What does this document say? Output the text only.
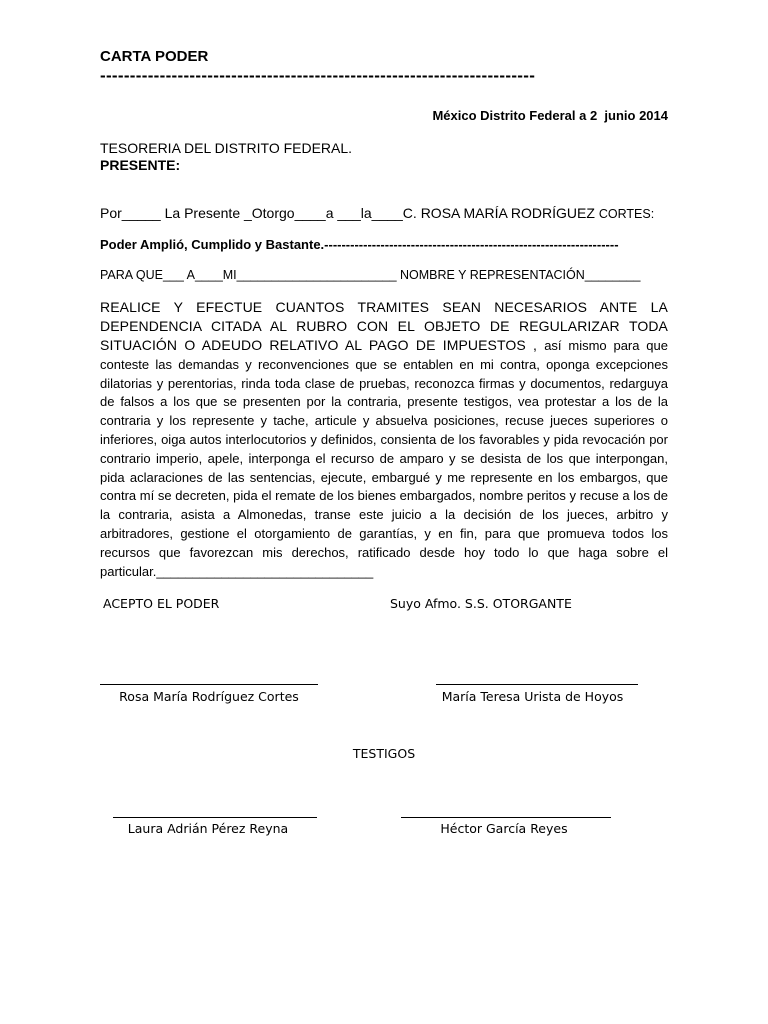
CARTA PODER
-------------------------------------------------------------------------
México Distrito Federal a 2  junio 2014
TESORERIA DEL DISTRITO FEDERAL.
PRESENTE:
Por_____ La Presente _Otorgo____a ___la____C. ROSA MARÍA RODRÍGUEZ CORTES:
Poder Amplió, Cumplido y Bastante.--------------------------------------------------------------------
PARA QUE___ A____MI_______________________ NOMBRE Y REPRESENTACIÓN________
REALICE Y EFECTUE CUANTOS TRAMITES SEAN NECESARIOS ANTE LA DEPENDENCIA CITADA AL RUBRO CON EL OBJETO DE REGULARIZAR TODA SITUACIÓN O ADEUDO RELATIVO AL PAGO DE IMPUESTOS , así mismo para que conteste las demandas y reconvenciones que se entablen en mi contra, oponga excepciones dilatorias y perentorias, rinda toda clase de pruebas, reconozca firmas y documentos, redarguya de falsos a los que se presenten por la contraria, presente testigos, vea protestar a los de la contraria y los represente y tache, articule y absuelva posiciones, recuse jueces superiores o inferiores, oiga autos interlocutorios y definidos, consienta de los favorables y pida revocación por contrario imperio, apele, interponga el recurso de amparo y se desista de los que interpongan, pida aclaraciones de las sentencias, ejecute, embargué y me represente en los embargos, que contra mí se decreten, pida el remate de los bienes embargados, nombre peritos y recuse a los de la contraria, asista a Almonedas, transe este juicio a la decisión de los jueces, arbitro y arbitradores, gestione el otorgamiento de garantías, y en fin, para que promueva todos los recursos que favorezcan mis derechos, ratificado desde hoy todo lo que haga sobre el particular.______________________________
ACEPTO EL PODER	Suyo Afmo. S.S. OTORGANTE
Rosa María Rodríguez Cortes	María Teresa Urista de Hoyos
TESTIGOS
Laura Adrián Pérez Reyna	Héctor García Reyes
